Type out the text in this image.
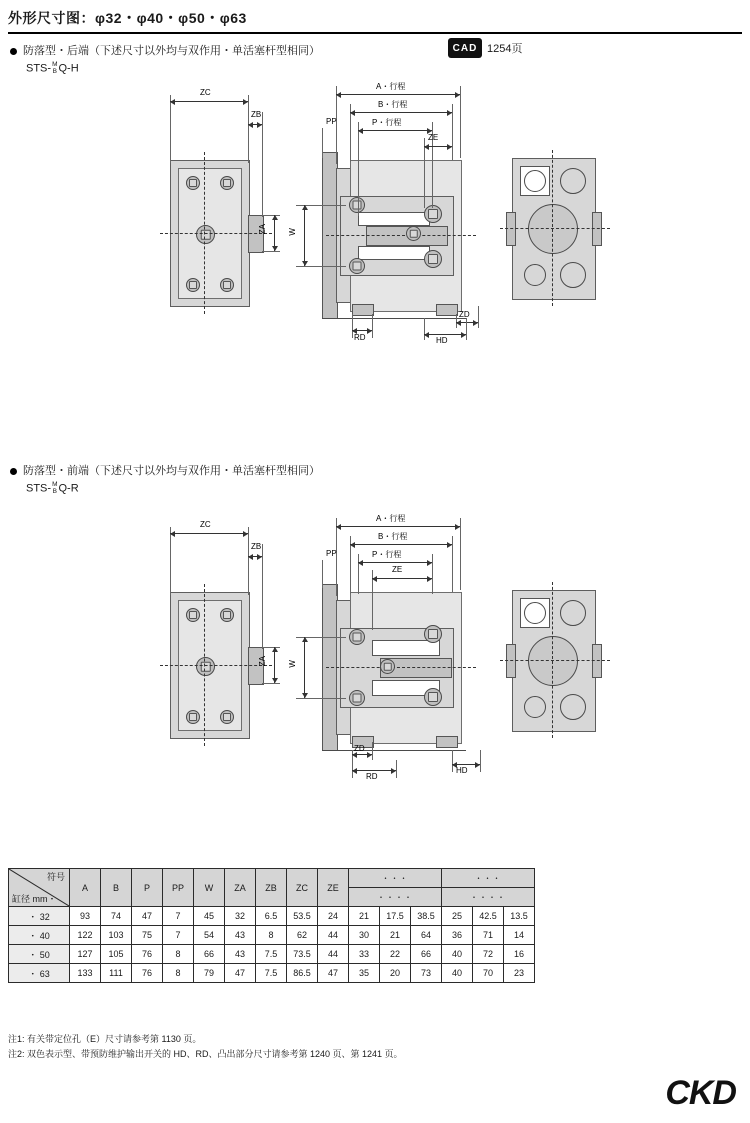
外形尺寸图：φ32・φ40・φ50・φ63
防落型・后端（下述尺寸以外均与双作用・单活塞杆型相同）
STS- M
B Q-H
CAD 1254页
ZC
ZB
ZA
A・行程
B・行程
P・行程
PP
ZE
W
RD
ZD
HD
防落型・前端（下述尺寸以外均与双作用・单活塞杆型相同）
STS- M
B Q-R
ZC
ZB
ZA
A・行程
B・行程
P・行程
PP
ZE
W
ZD
RD
HD
符号
缸径 mm・	A	B	P	PP	W	ZA	ZB	ZC	ZE	・・・			・・・		
										・・・・			・・・・		
・ 32	93	74	47	7	45	32	6.5	53.5	24	21	17.5	38.5	25	42.5	13.5
・ 40	122	103	75	7	54	43	8	62	44	30	21	64	36	71	14
・ 50	127	105	76	8	66	43	7.5	73.5	44	33	22	66	40	72	16
・ 63	133	111	76	8	79	47	7.5	86.5	47	35	20	73	40	70	23
注1: 有关带定位孔（E）尺寸请参考第 1130 页。
注2: 双色表示型、带预防维护输出开关的 HD、RD、凸出部分尺寸请参考第 1240 页、第 1241 页。
CKD
